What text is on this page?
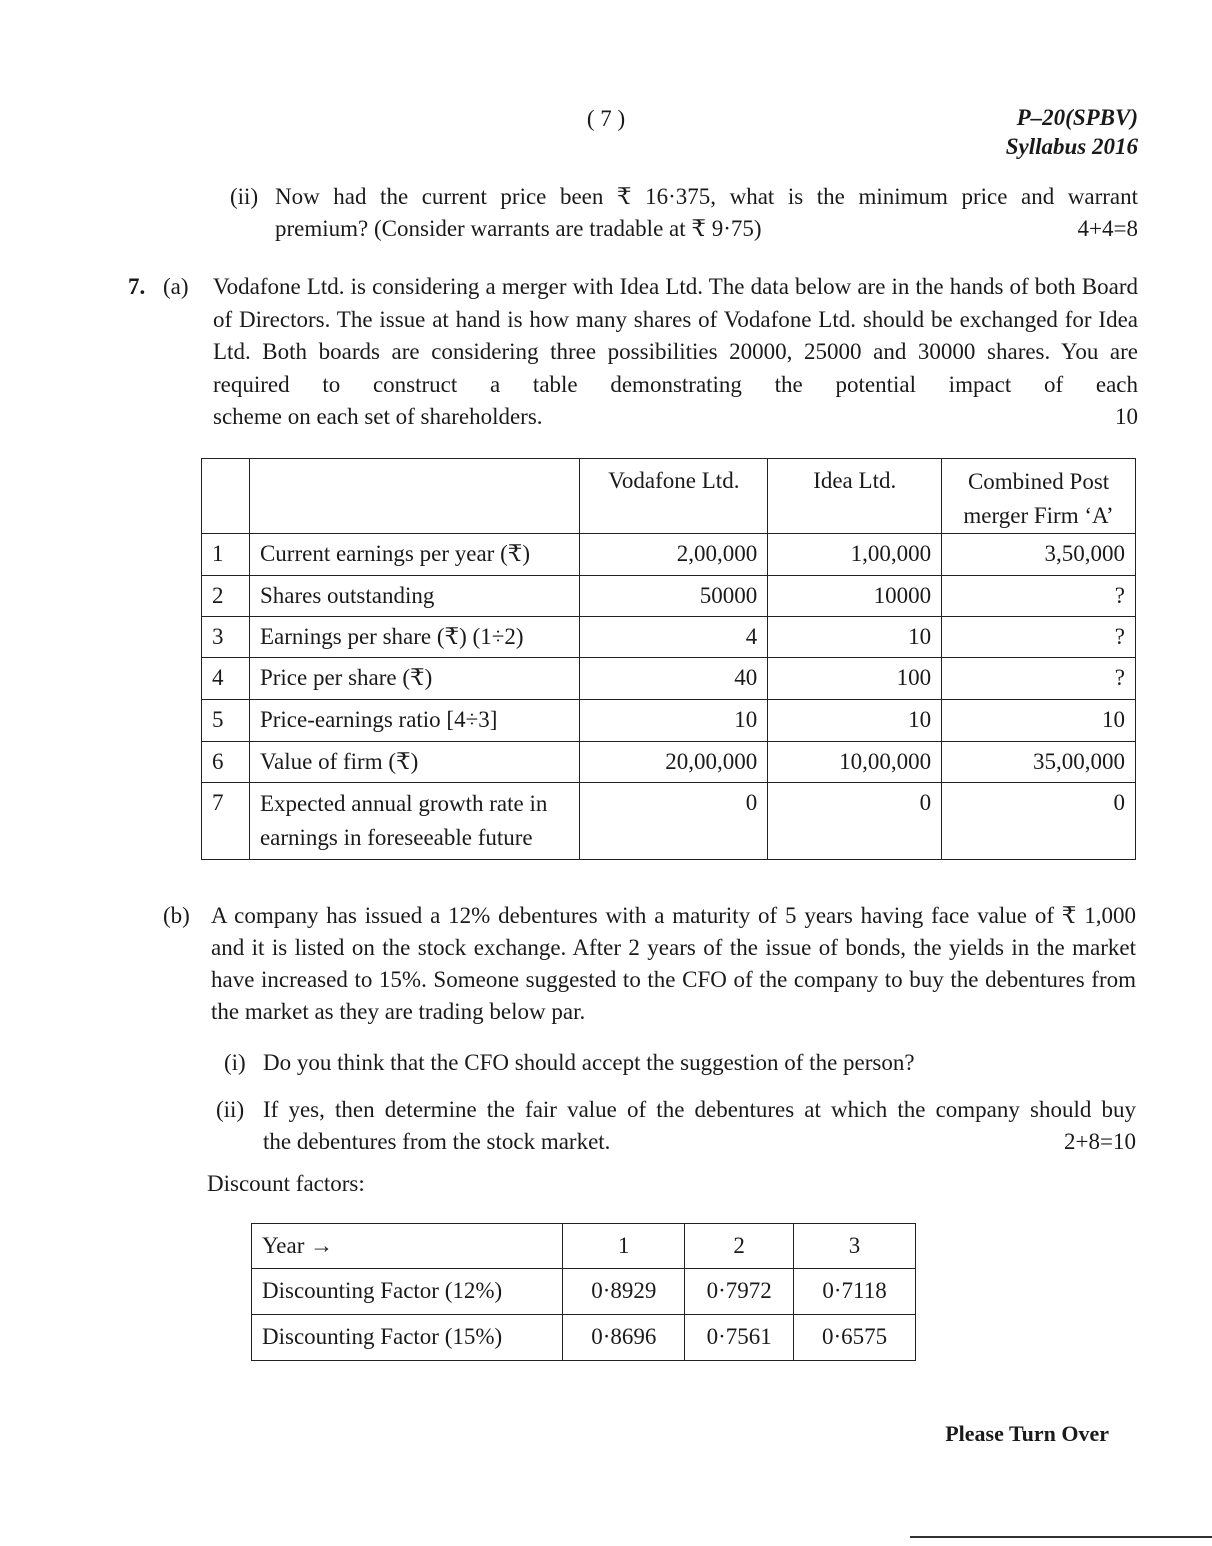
( 7 )	P–20(SPBV)
Syllabus 2016
(ii) Now had the current price been ₹ 16·375, what is the minimum price and warrant
premium? (Consider warrants are tradable at ₹ 9·75)	4+4=8
7. (a) Vodafone Ltd. is considering a merger with Idea Ltd. The data below are in the hands of both Board of Directors. The issue at hand is how many shares of Vodafone Ltd. should be exchanged for Idea Ltd. Both boards are considering three possibilities 20000, 25000 and 30000 shares. You are required to construct a table demonstrating the potential impact of each
scheme on each set of shareholders.	10
		Vodafone Ltd.	Idea Ltd.	Combined Post merger Firm ‘A’
1	Current earnings per year (₹)	2,00,000	1,00,000	3,50,000
2	Shares outstanding	50000	10000	?
3	Earnings per share (₹) (1÷2)	4	10	?
4	Price per share (₹)	40	100	?
5	Price-earnings ratio [4÷3]	10	10	10
6	Value of firm (₹)	20,00,000	10,00,000	35,00,000
7	Expected annual growth rate in earnings in foreseeable future	0	0	0
(b) A company has issued a 12% debentures with a maturity of 5 years having face value of ₹ 1,000 and it is listed on the stock exchange. After 2 years of the issue of bonds, the yields in the market have increased to 15%. Someone suggested to the CFO of the company to buy the debentures from the market as they are trading below par.
(i) Do you think that the CFO should accept the suggestion of the person?
(ii) If yes, then determine the fair value of the debentures at which the company should buy
the debentures from the stock market.	2+8=10
Discount factors:
Year →	1	2	3
Discounting Factor (12%)	0·8929	0·7972	0·7118
Discounting Factor (15%)	0·8696	0·7561	0·6575
Please Turn Over
